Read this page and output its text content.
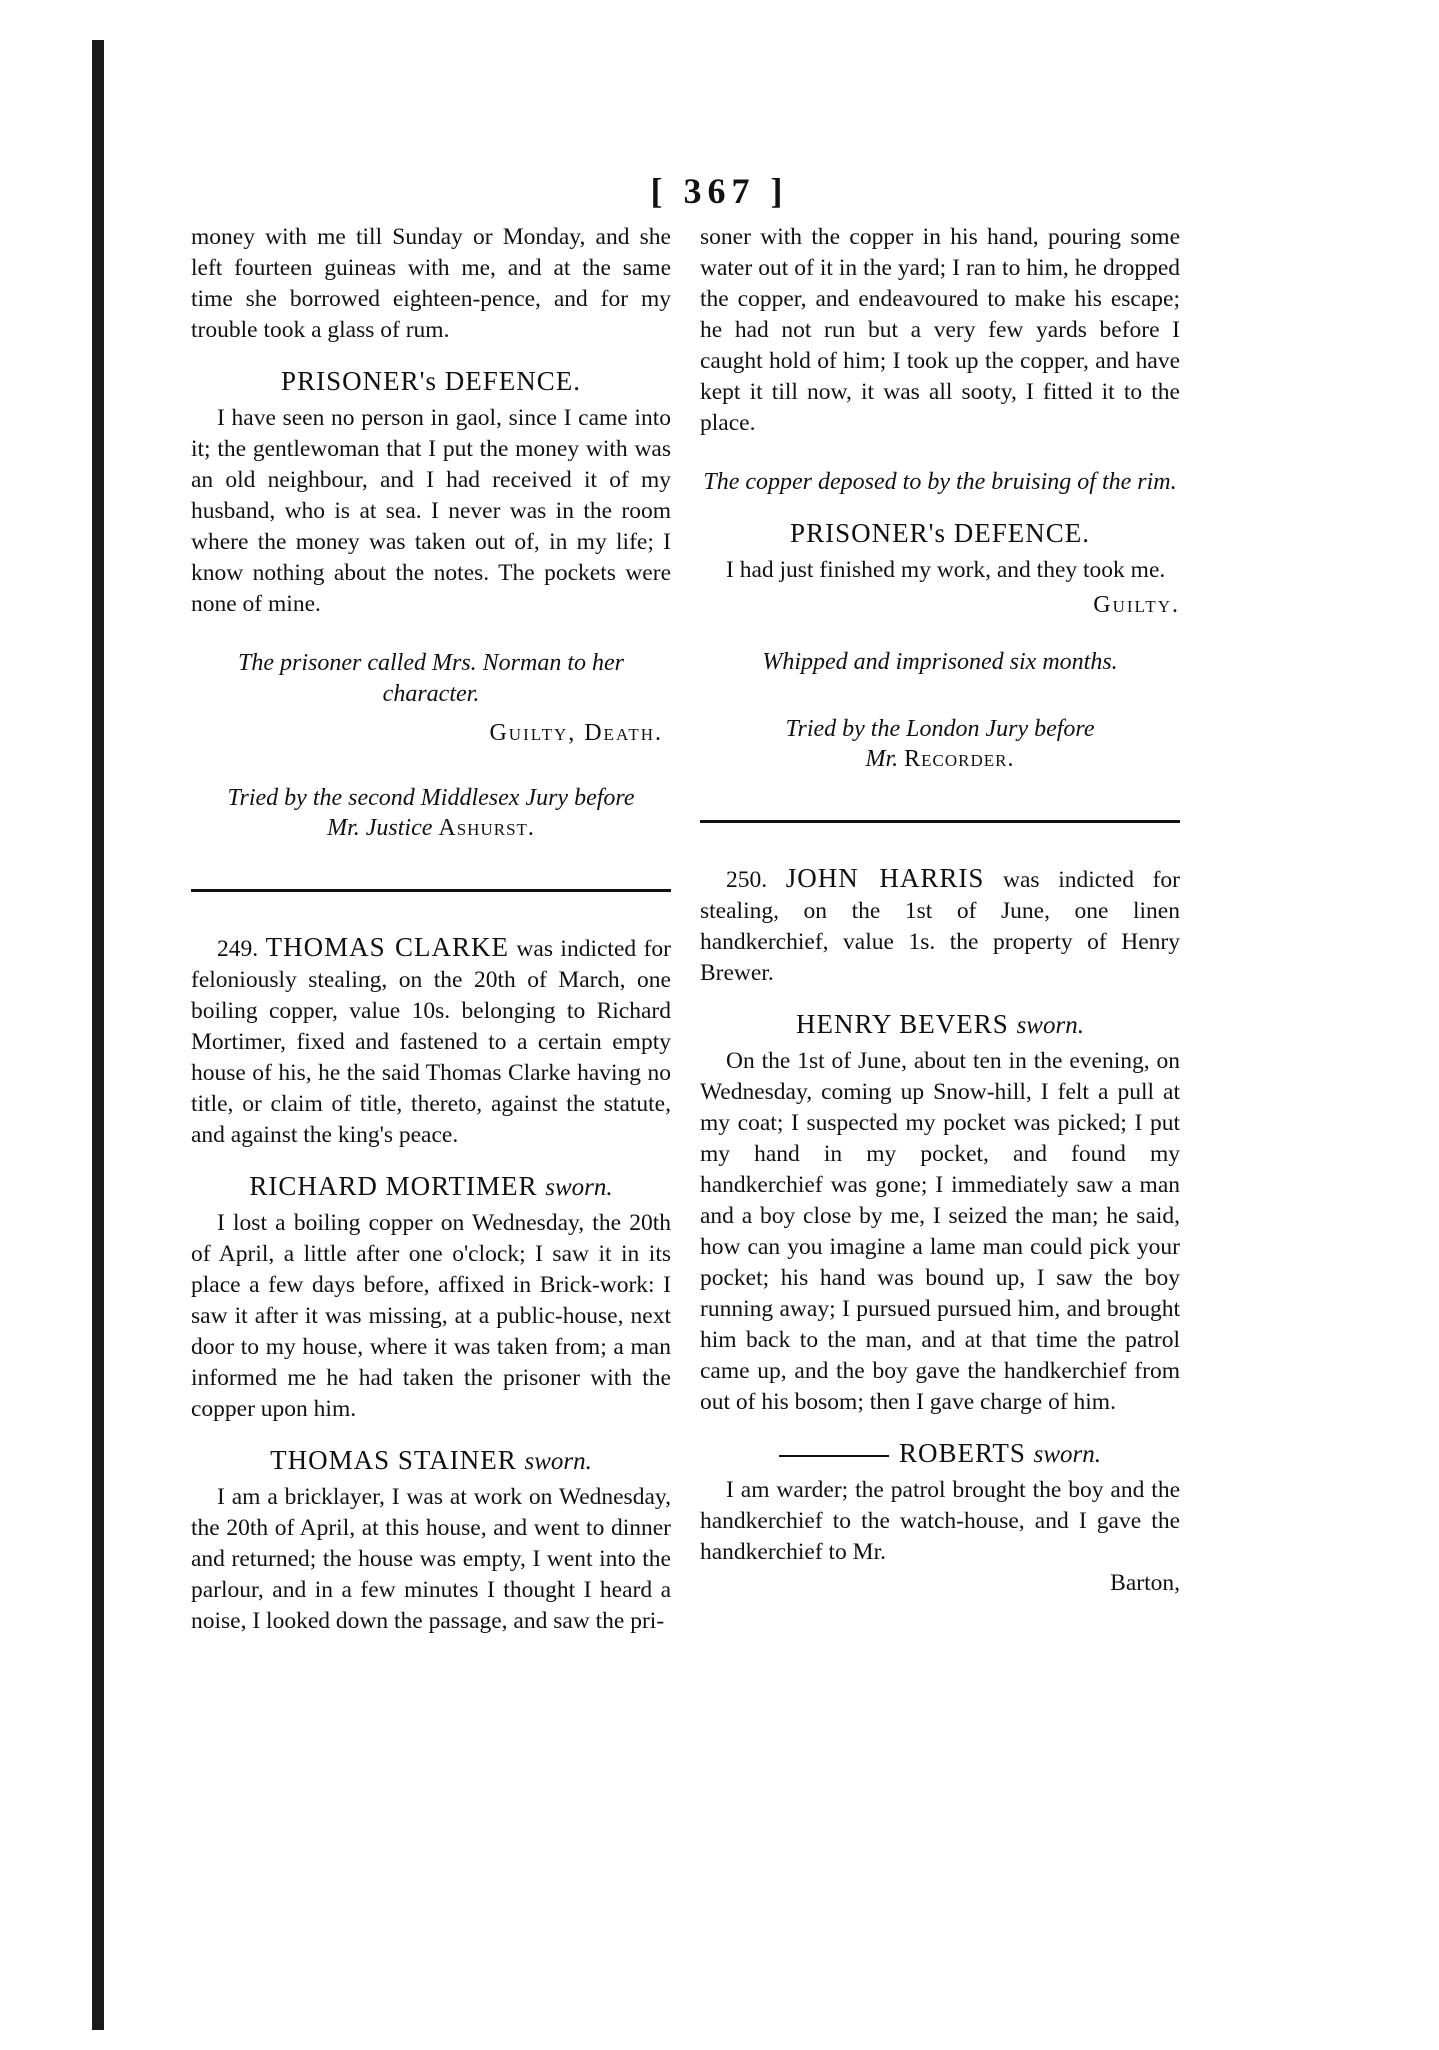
[ 367 ]

money with me till Sunday or Monday, and she left fourteen guineas with me, and at the same time she borrowed eighteen-pence, and for my trouble took a glass of rum.

PRISONER's DEFENCE.

I have seen no person in gaol, since I came into it; the gentlewoman that I put the money with was an old neighbour, and I had received it of my husband, who is at sea. I never was in the room where the money was taken out of, in my life; I know nothing about the notes. The pockets were none of mine.

The prisoner called Mrs. Norman to her character.
Guilty, Death.
Tried by the second Middlesex Jury before
Mr. Justice Ashurst.

249. THOMAS CLARKE was indicted for feloniously stealing, on the 20th of March, one boiling copper, value 10s. belonging to Richard Mortimer, fixed and fastened to a certain empty house of his, he the said Thomas Clarke having no title, or claim of title, thereto, against the statute, and against the king's peace.

RICHARD MORTIMER sworn.

I lost a boiling copper on Wednesday, the 20th of April, a little after one o'clock; I saw it in its place a few days before, affixed in Brick-work: I saw it after it was missing, at a public-house, next door to my house, where it was taken from; a man informed me he had taken the prisoner with the copper upon him.

THOMAS STAINER sworn.

I am a bricklayer, I was at work on Wednesday, the 20th of April, at this house, and went to dinner and returned; the house was empty, I went into the parlour, and in a few minutes I thought I heard a noise, I looked down the passage, and saw the pri-

soner with the copper in his hand, pouring some water out of it in the yard; I ran to him, he dropped the copper, and endeavoured to make his escape; he had not run but a very few yards before I caught hold of him; I took up the copper, and have kept it till now, it was all sooty, I fitted it to the place.

The copper deposed to by the bruising of the rim.
PRISONER's DEFENCE.

I had just finished my work, and they took me.

Guilty.
Whipped and imprisoned six months.
Tried by the London Jury before
Mr. Recorder.

250. JOHN HARRIS was indicted for stealing, on the 1st of June, one linen handkerchief, value 1s. the property of Henry Brewer.

HENRY BEVERS sworn.

On the 1st of June, about ten in the evening, on Wednesday, coming up Snow-hill, I felt a pull at my coat; I suspected my pocket was picked; I put my hand in my pocket, and found my handkerchief was gone; I immediately saw a man and a boy close by me, I seized the man; he said, how can you imagine a lame man could pick your pocket; his hand was bound up, I saw the boy running away; I pursued pursued him, and brought him back to the man, and at that time the patrol came up, and the boy gave the handkerchief from out of his bosom; then I gave charge of him.

ROBERTS sworn.

I am warder; the patrol brought the boy and the handkerchief to the watch-house, and I gave the handkerchief to Mr.

Barton,
